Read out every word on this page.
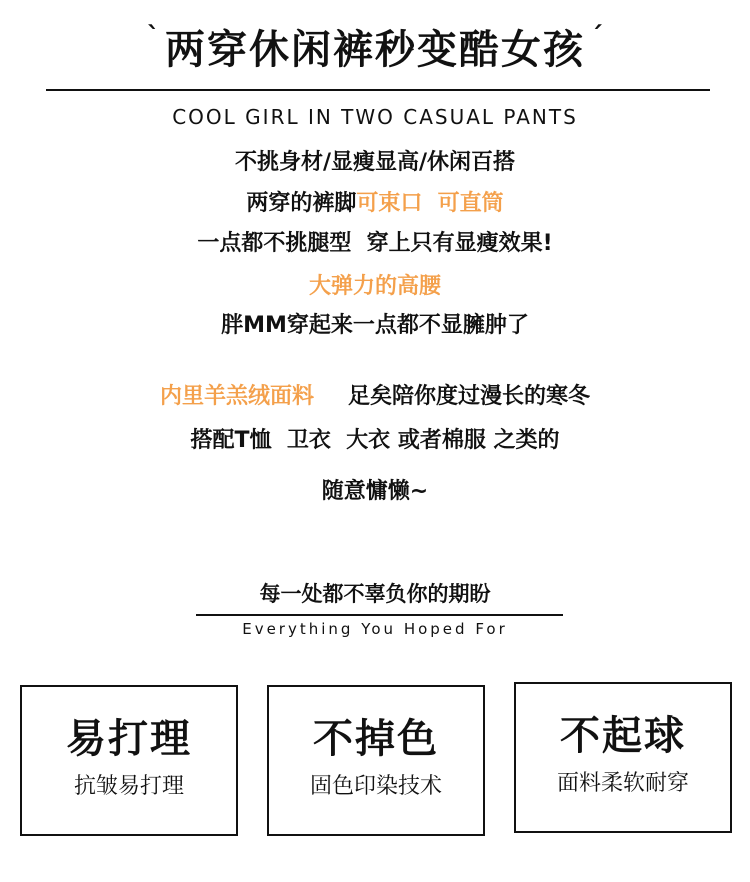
ˋ 两穿休闲裤秒变酷女孩 ˊ
COOL GIRL IN TWO CASUAL PANTS
不挑身材/显瘦显高/休闲百搭
两穿的裤脚可束口  可直筒
一点都不挑腿型  穿上只有显瘦效果!
大弹力的高腰
胖MM穿起来一点都不显臃肿了
内里羊羔绒面料 足矣陪你度过漫长的寒冬
搭配T恤  卫衣  大衣 或者棉服 之类的
随意慵懒~
每一处都不辜负你的期盼
Everything You Hoped For
易打理
抗皱易打理
不掉色
固色印染技术
不起球
面料柔软耐穿
